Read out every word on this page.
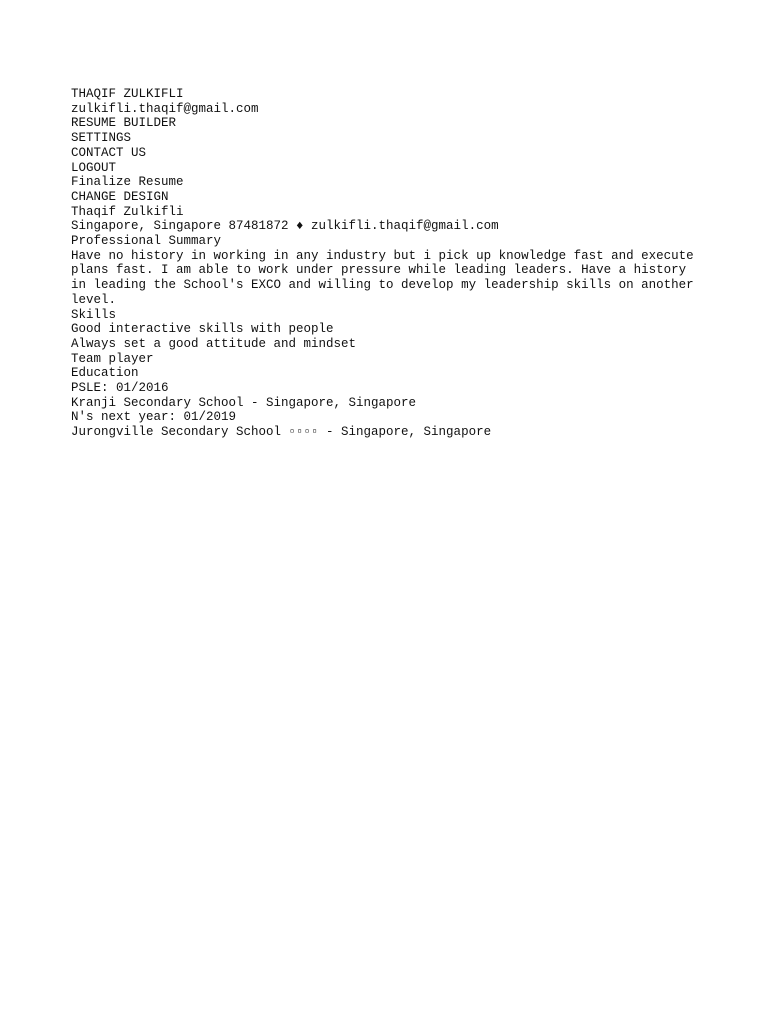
THAQIF ZULKIFLI
zulkifli.thaqif@gmail.com
RESUME BUILDER
SETTINGS
CONTACT US
LOGOUT
Finalize Resume
CHANGE DESIGN
Thaqif Zulkifli
Singapore, Singapore 87481872 ♦ zulkifli.thaqif@gmail.com
Professional Summary
Have no history in working in any industry but i pick up knowledge fast and execute plans fast. I am able to work under pressure while leading leaders. Have a history in leading the School's EXCO and willing to develop my leadership skills on another level.
Skills
Good interactive skills with people
Always set a good attitude and mindset
Team player
Education
PSLE: 01/2016
Kranji Secondary School - Singapore, Singapore
N's next year: 01/2019
Jurongville Secondary School ▫▫▫▫ - Singapore, Singapore
